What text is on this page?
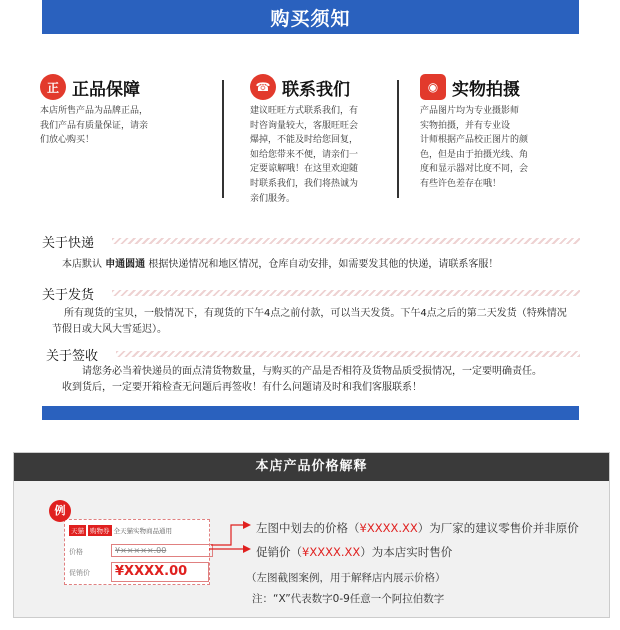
购买须知
正 正品保障
本店所售产品为品牌正品，
我们产品有质量保证，请亲
们放心购买！
☎ 联系我们
建议旺旺方式联系我们，有
时咨询量较大，客服旺旺会
爆掉，不能及时给您回复，
如给您带来不便，请亲们一
定要谅解哦！在这里欢迎随
时联系我们，我们将热诚为
亲们服务。
◉ 实物拍摄
产品图片均为专业摄影师
实物拍摄，并有专业设
计师根据产品校正图片的颜
色，但是由于拍摄光线、角
度和显示器对比度不同，会
有些许色差存在哦！
关于快递
本店默认 申通圆通 根据快递情况和地区情况，仓库自动安排，如需要发其他的快递，请联系客服！
关于发货
所有现货的宝贝，一般情况下，有现货的下午4点之前付款，可以当天发货。下午4点之后的第二天发货（特殊情况
节假日或大风大雪延迟）。
关于签收
请您务必当着快递员的面点清货物数量，与购买的产品是否相符及货物品质受损情况，一定要明确责任。
收到货后，一定要开箱检查无问题后再签收！有什么问题请及时和我们客服联系！
本店产品价格解释
天猫 购物券 全天猫实物商品通用
价格	¥×××××.00
促销价 ¥XXXX.00
例
左图中划去的价格（¥XXXX.XX）为厂家的建议零售价并非原价
促销价（¥XXXX.XX）为本店实时售价
（左图截图案例，用于解释店内展示价格）
注：“X”代表数字0-9任意一个阿拉伯数字
